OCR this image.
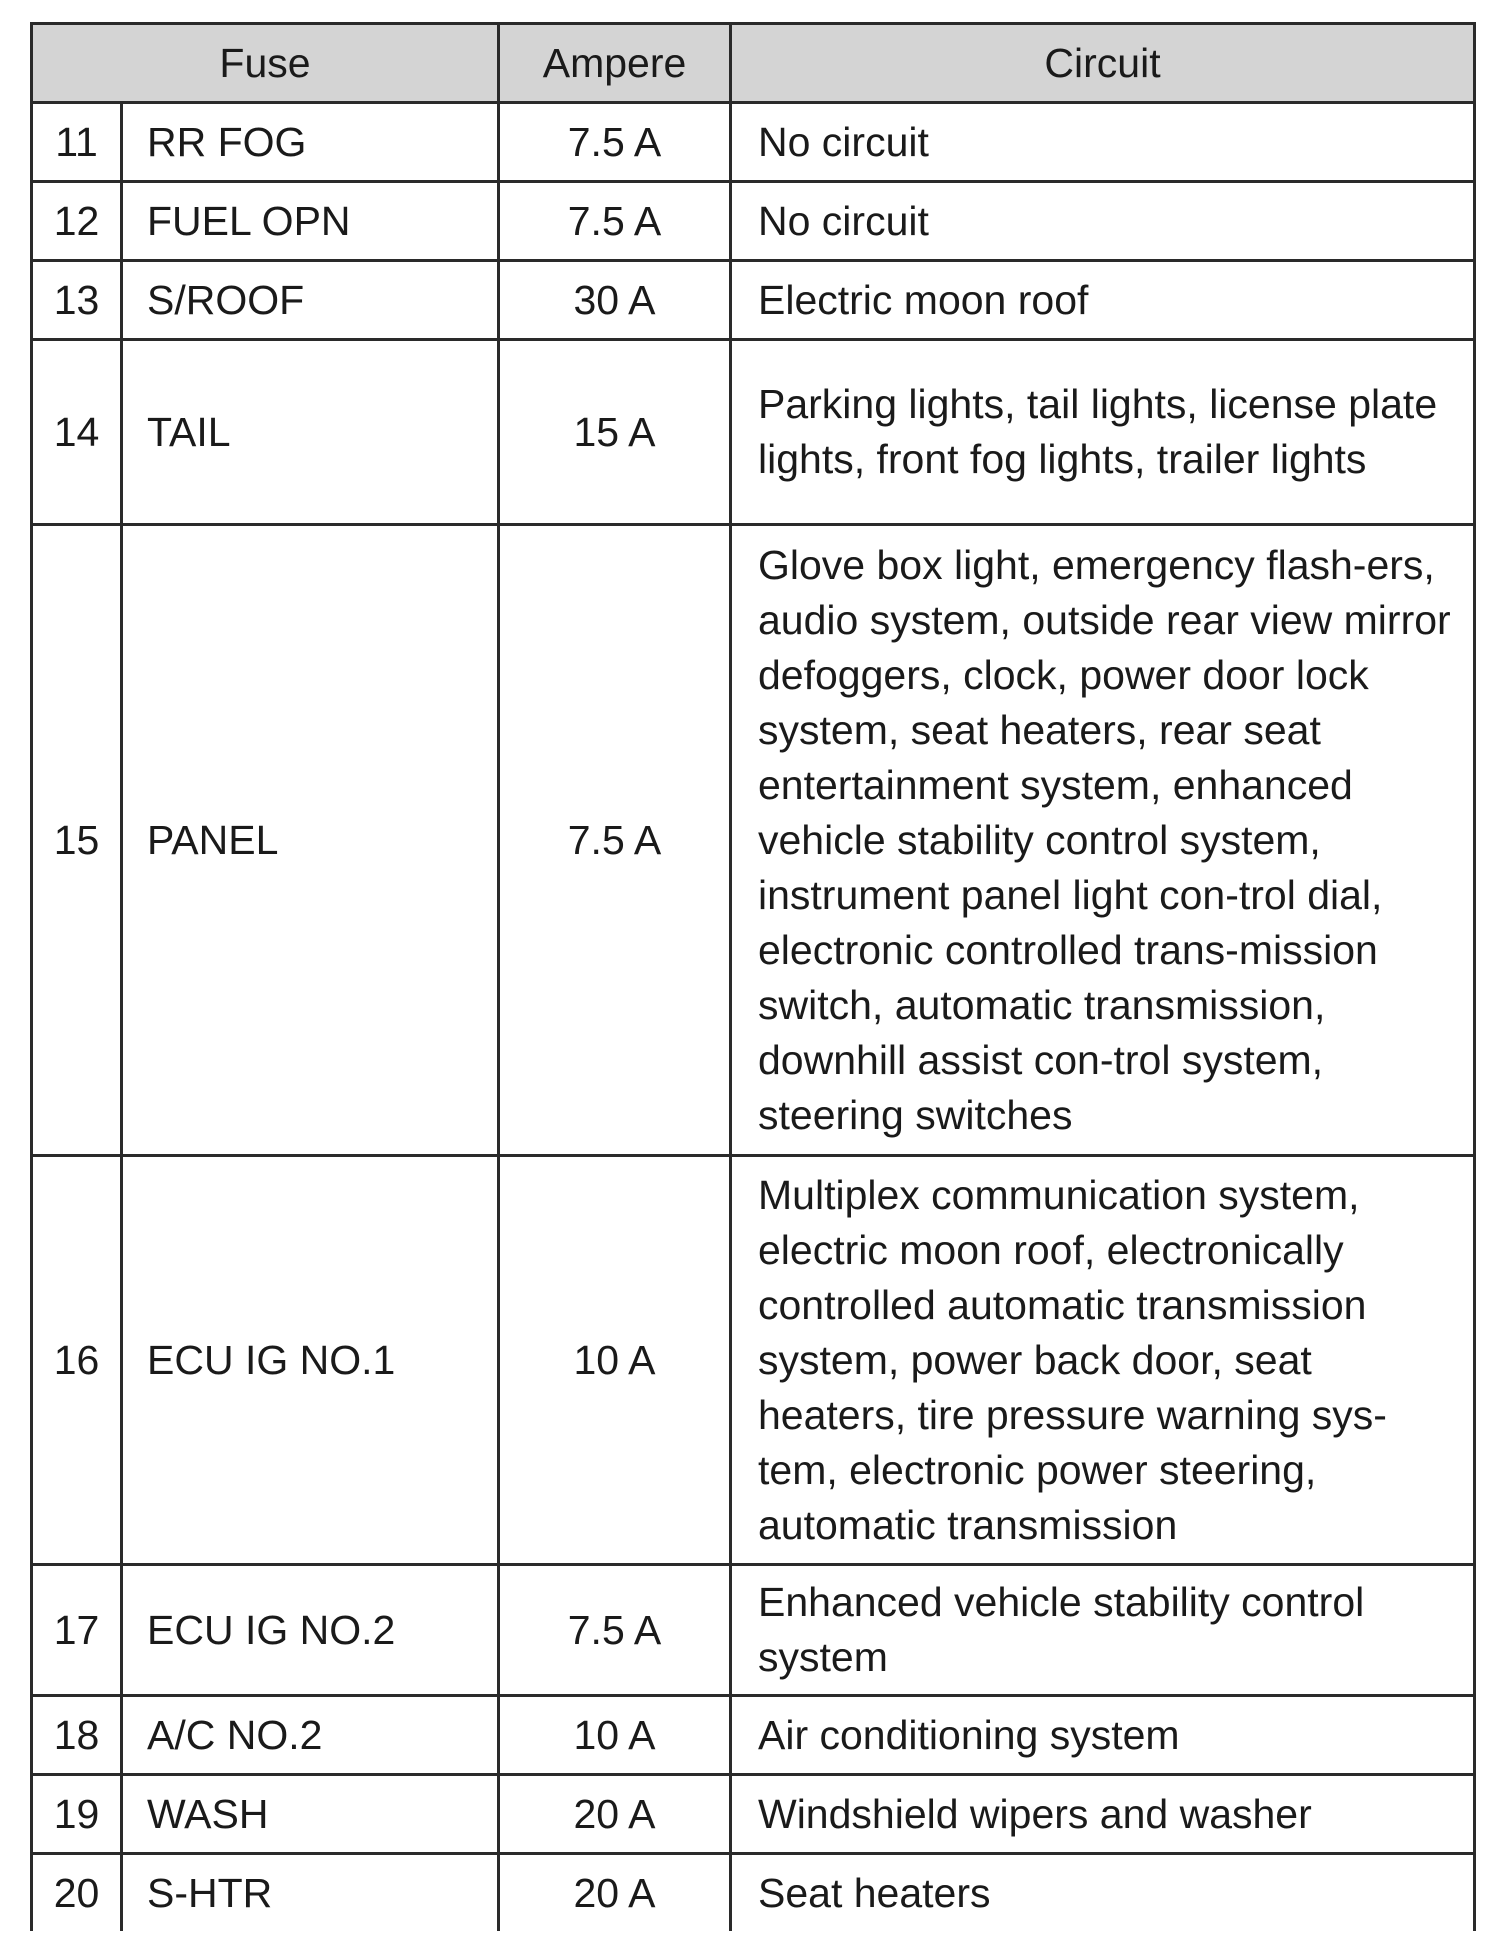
Fuse		Ampere	Circuit
11	RR FOG	7.5 A	No circuit
12	FUEL OPN	7.5 A	No circuit
13	S/ROOF	30 A	Electric moon roof
14	TAIL	15 A	Parking lights, tail lights, license plate lights, front fog lights, trailer lights
15	PANEL	7.5 A	Glove box light, emergency flash-ers, audio system, outside rear view mirror defoggers, clock, power door lock system, seat heaters, rear seat entertainment system, enhanced vehicle stability control system, instrument panel light con-trol dial, electronic controlled trans-mission switch, automatic transmission, downhill assist con-trol system, steering switches
16	ECU IG NO.1	10 A	Multiplex communication system, electric moon roof, electronically controlled automatic transmission system, power back door, seat heaters, tire pressure warning sys-tem, electronic power steering, automatic transmission
17	ECU IG NO.2	7.5 A	Enhanced vehicle stability control system
18	A/C NO.2	10 A	Air conditioning system
19	WASH	20 A	Windshield wipers and washer
20	S-HTR	20 A	Seat heaters
